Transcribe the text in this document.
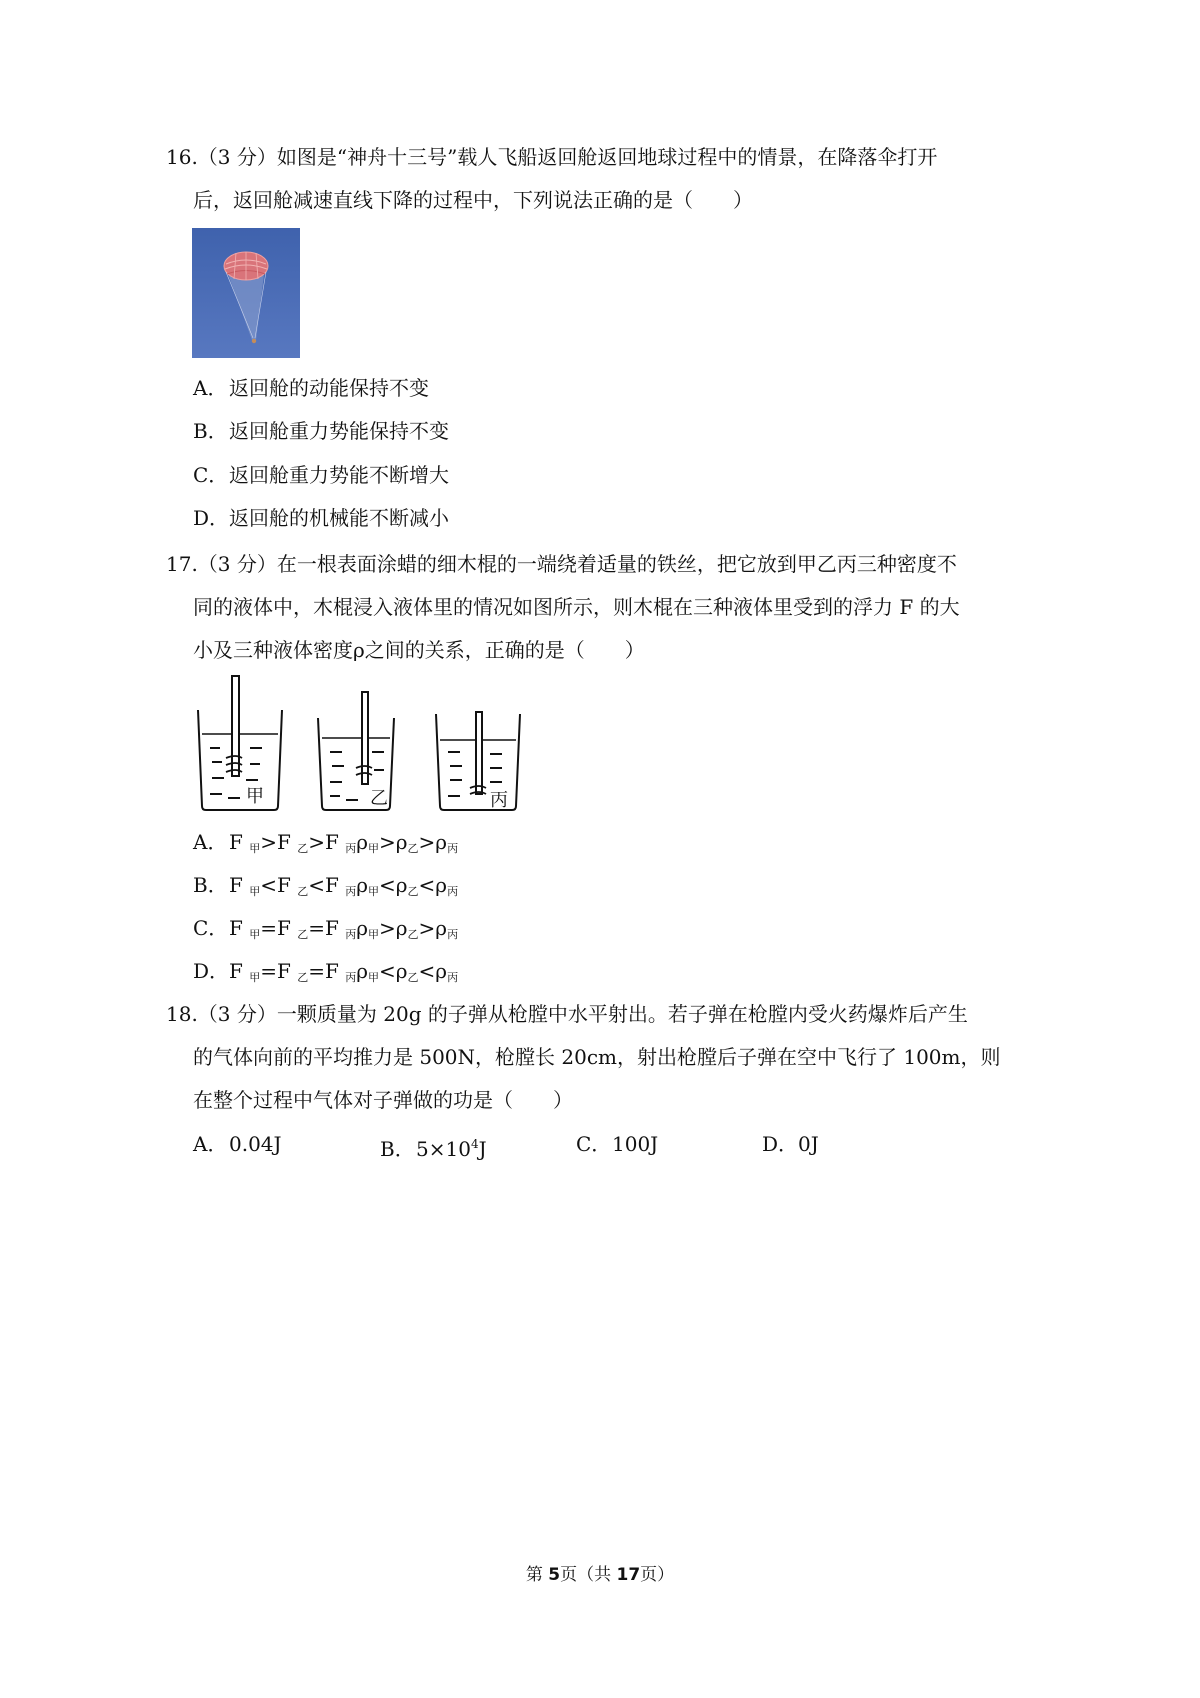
16.（3 分）如图是“神舟十三号”载人飞船返回舱返回地球过程中的情景，在降落伞打开
后，返回舱减速直线下降的过程中，下列说法正确的是（　　）
A．返回舱的动能保持不变
B．返回舱重力势能保持不变
C．返回舱重力势能不断增大
D．返回舱的机械能不断减小
17.（3 分）在一根表面涂蜡的细木棍的一端绕着适量的铁丝，把它放到甲乙丙三种密度不
同的液体中，木棍浸入液体里的情况如图所示，则木棍在三种液体里受到的浮力 F 的大
小及三种液体密度ρ之间的关系，正确的是（　　）
甲	乙	丙
A．F $_甲$>F $_乙$>F $_丙\rho_甲>\rho_乙>\rho_丙$
B．F $_甲$<F $_乙$<F $_丙\rho_甲<\rho_乙<\rho_丙$
C．F $_甲$=F $_乙$=F $_丙\rho_甲>\rho_乙>\rho_丙$
D．F $_甲$=F $_乙$=F $_丙\rho_甲<\rho_乙<\rho_丙$
18.（3 分）一颗质量为 20g 的子弹从枪膛中水平射出。若子弹在枪膛内受火药爆炸后产生
的气体向前的平均推力是 500N，枪膛长 20cm，射出枪膛后子弹在空中飞行了 100m，则
在整个过程中气体对子弹做的功是（　　）
A．0.04J	B．$5\times 10^4J$	C．100J	D．0J
第 5页（共 17页）
